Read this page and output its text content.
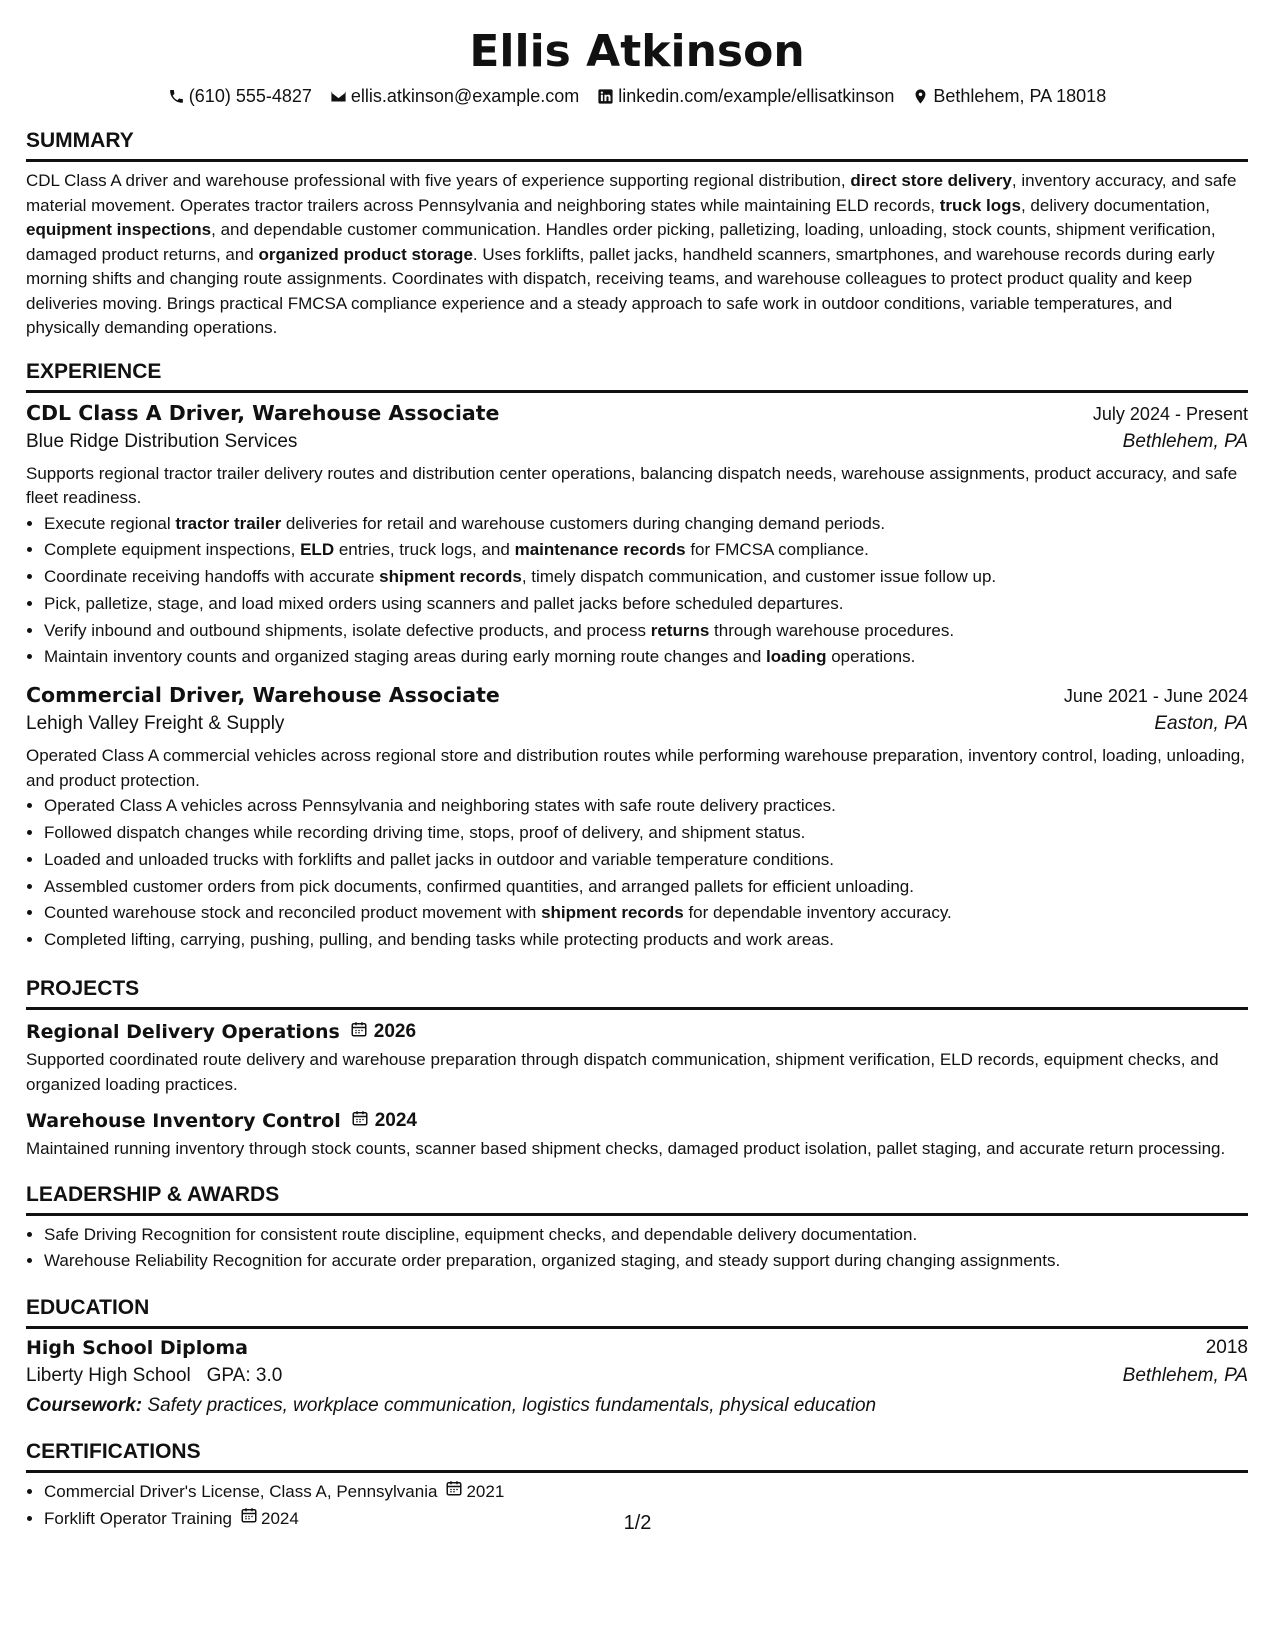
Ellis Atkinson
(610) 555-4827 ellis.atkinson@example.com linkedin.com/example/ellisatkinson Bethlehem, PA 18018
SUMMARY
CDL Class A driver and warehouse professional with five years of experience supporting regional distribution, direct store delivery, inventory accuracy, and safe material movement. Operates tractor trailers across Pennsylvania and neighboring states while maintaining ELD records, truck logs, delivery documentation, equipment inspections, and dependable customer communication. Handles order picking, palletizing, loading, unloading, stock counts, shipment verification, damaged product returns, and organized product storage. Uses forklifts, pallet jacks, handheld scanners, smartphones, and warehouse records during early morning shifts and changing route assignments. Coordinates with dispatch, receiving teams, and warehouse colleagues to protect product quality and keep deliveries moving. Brings practical FMCSA compliance experience and a steady approach to safe work in outdoor conditions, variable temperatures, and physically demanding operations.
EXPERIENCE
CDL Class A Driver, Warehouse Associate	July 2024 - Present
Blue Ridge Distribution Services	Bethlehem, PA
Supports regional tractor trailer delivery routes and distribution center operations, balancing dispatch needs, warehouse assignments, product accuracy, and safe fleet readiness.
• Execute regional tractor trailer deliveries for retail and warehouse customers during changing demand periods.
• Complete equipment inspections, ELD entries, truck logs, and maintenance records for FMCSA compliance.
• Coordinate receiving handoffs with accurate shipment records, timely dispatch communication, and customer issue follow up.
• Pick, palletize, stage, and load mixed orders using scanners and pallet jacks before scheduled departures.
• Verify inbound and outbound shipments, isolate defective products, and process returns through warehouse procedures.
• Maintain inventory counts and organized staging areas during early morning route changes and loading operations.
Commercial Driver, Warehouse Associate	June 2021 - June 2024
Lehigh Valley Freight & Supply	Easton, PA
Operated Class A commercial vehicles across regional store and distribution routes while performing warehouse preparation, inventory control, loading, unloading, and product protection.
• Operated Class A vehicles across Pennsylvania and neighboring states with safe route delivery practices.
• Followed dispatch changes while recording driving time, stops, proof of delivery, and shipment status.
• Loaded and unloaded trucks with forklifts and pallet jacks in outdoor and variable temperature conditions.
• Assembled customer orders from pick documents, confirmed quantities, and arranged pallets for efficient unloading.
• Counted warehouse stock and reconciled product movement with shipment records for dependable inventory accuracy.
• Completed lifting, carrying, pushing, pulling, and bending tasks while protecting products and work areas.
PROJECTS
Regional Delivery Operations 2026
Supported coordinated route delivery and warehouse preparation through dispatch communication, shipment verification, ELD records, equipment checks, and organized loading practices.
Warehouse Inventory Control 2024
Maintained running inventory through stock counts, scanner based shipment checks, damaged product isolation, pallet staging, and accurate return processing.
LEADERSHIP & AWARDS
• Safe Driving Recognition for consistent route discipline, equipment checks, and dependable delivery documentation.
• Warehouse Reliability Recognition for accurate order preparation, organized staging, and steady support during changing assignments.
EDUCATION
High School Diploma	2018
Liberty High School GPA: 3.0	Bethlehem, PA
Coursework: Safety practices, workplace communication, logistics fundamentals, physical education
CERTIFICATIONS
• Commercial Driver's License, Class A, Pennsylvania 2021
• Forklift Operator Training 2024	1/2
